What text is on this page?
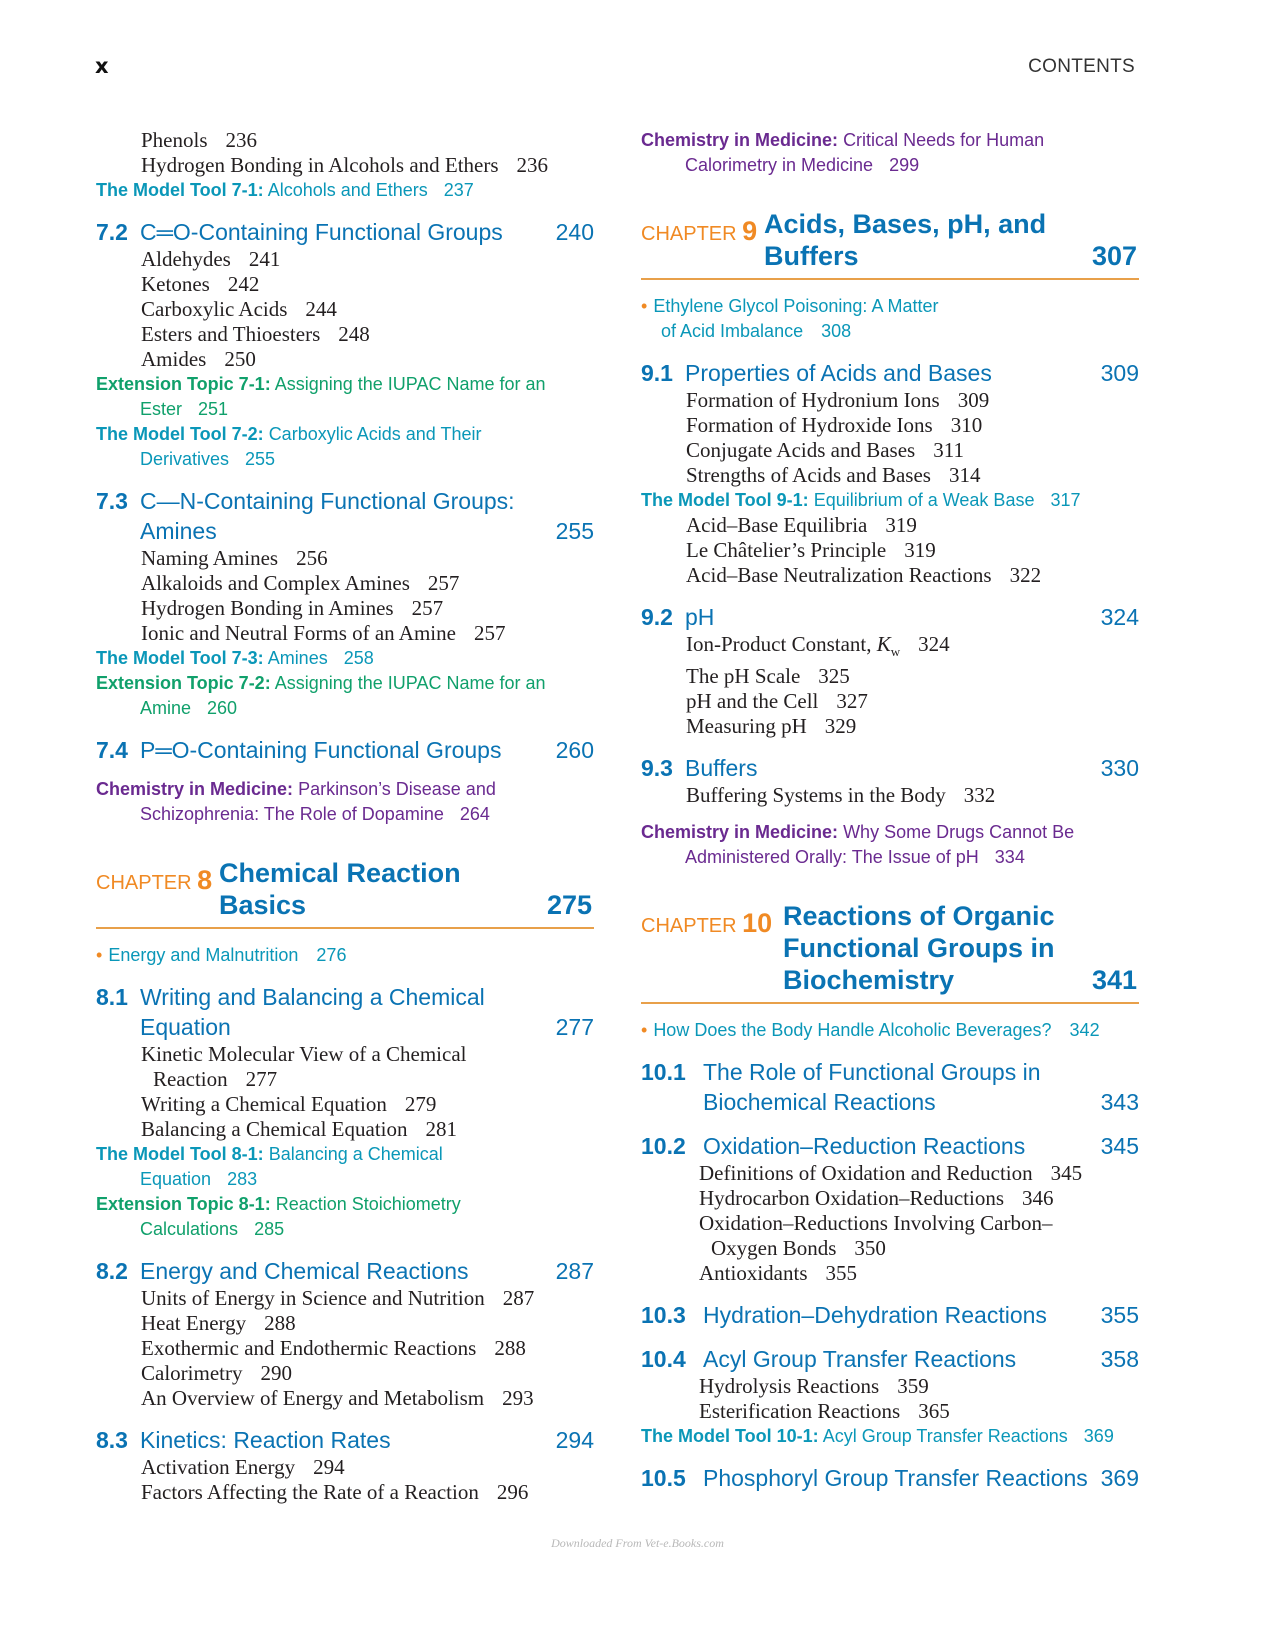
x	CONTENTS
Phenols 236
Hydrogen Bonding in Alcohols and Ethers 236
The Model Tool 7-1: Alcohols and Ethers 237
7.2 C═O-Containing Functional Groups 240
Aldehydes 241
Ketones 242
Carboxylic Acids 244
Esters and Thioesters 248
Amides 250
Extension Topic 7-1: Assigning the IUPAC Name for an
Ester 251
The Model Tool 7-2: Carboxylic Acids and Their
Derivatives 255
7.3 C—N-Containing Functional Groups:
Amines	255
Naming Amines 256
Alkaloids and Complex Amines 257
Hydrogen Bonding in Amines 257
Ionic and Neutral Forms of an Amine 257
The Model Tool 7-3: Amines 258
Extension Topic 7-2: Assigning the IUPAC Name for an
Amine 260
7.4 P═O-Containing Functional Groups 260
Chemistry in Medicine: Parkinson’s Disease and
Schizophrenia: The Role of Dopamine 264
CHAPTER 8 Chemical Reaction
Basics	275
• Energy and Malnutrition 276
8.1 Writing and Balancing a Chemical
Equation	277
Kinetic Molecular View of a Chemical
Reaction 277
Writing a Chemical Equation 279
Balancing a Chemical Equation 281
The Model Tool 8-1: Balancing a Chemical
Equation 283
Extension Topic 8-1: Reaction Stoichiometry
Calculations 285
8.2 Energy and Chemical Reactions	287
Units of Energy in Science and Nutrition 287
Heat Energy 288
Exothermic and Endothermic Reactions 288
Calorimetry 290
An Overview of Energy and Metabolism 293
8.3 Kinetics: Reaction Rates	294
Activation Energy 294
Factors Affecting the Rate of a Reaction 296
Chemistry in Medicine: Critical Needs for Human
Calorimetry in Medicine 299
CHAPTER 9 Acids, Bases, pH, and
Buffers	307
• Ethylene Glycol Poisoning: A Matter
of Acid Imbalance 308
9.1 Properties of Acids and Bases	309
Formation of Hydronium Ions 309
Formation of Hydroxide Ions 310
Conjugate Acids and Bases 311
Strengths of Acids and Bases 314
The Model Tool 9-1: Equilibrium of a Weak Base 317
Acid–Base Equilibria 319
Le Châtelier’s Principle 319
Acid–Base Neutralization Reactions 322
9.2 pH	324
Ion-Product Constant, $K_w$ 324
The pH Scale 325
pH and the Cell 327
Measuring pH 329
9.3 Buffers	330
Buffering Systems in the Body 332
Chemistry in Medicine: Why Some Drugs Cannot Be
Administered Orally: The Issue of pH 334
CHAPTER 10 Reactions of Organic
Functional Groups in
Biochemistry	341
• How Does the Body Handle Alcoholic Beverages? 342
10.1 The Role of Functional Groups in
Biochemical Reactions	343
10.2 Oxidation–Reduction Reactions	345
Definitions of Oxidation and Reduction 345
Hydrocarbon Oxidation–Reductions 346
Oxidation–Reductions Involving Carbon–
Oxygen Bonds 350
Antioxidants 355
10.3 Hydration–Dehydration Reactions 355
10.4 Acyl Group Transfer Reactions	358
Hydrolysis Reactions 359
Esterification Reactions 365
The Model Tool 10-1: Acyl Group Transfer Reactions 369
10.5 Phosphoryl Group Transfer Reactions 369
Downloaded From Vet-e.Books.com
